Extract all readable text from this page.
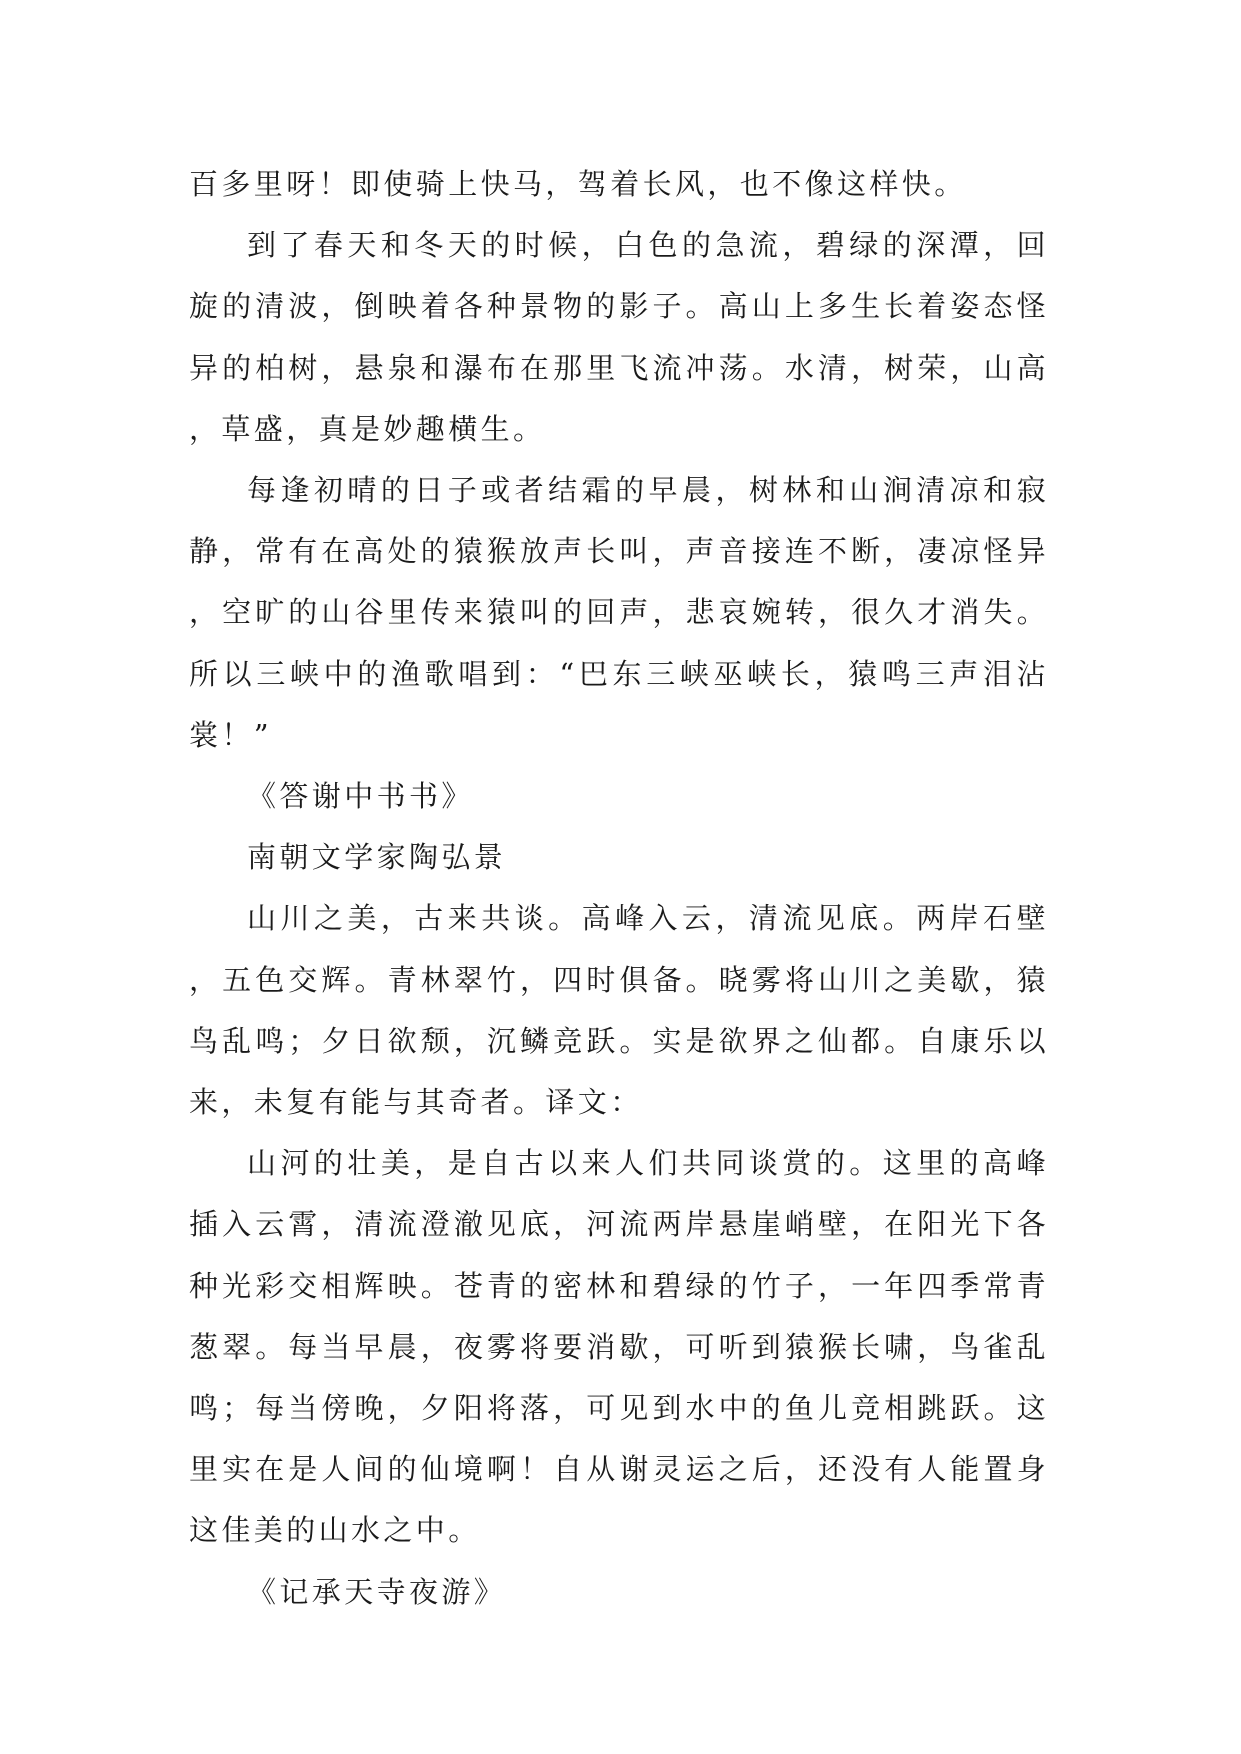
百多里呀！即使骑上快马，驾着长风，也不像这样快。

到了春天和冬天的时候，白色的急流，碧绿的深潭，回旋的清波，倒映着各种景物的影子。高山上多生长着姿态怪异的柏树，悬泉和瀑布在那里飞流冲荡。水清，树荣，山高，草盛，真是妙趣横生。

每逢初晴的日子或者结霜的早晨，树林和山涧清凉和寂静，常有在高处的猿猴放声长叫，声音接连不断，凄凉怪异，空旷的山谷里传来猿叫的回声，悲哀婉转，很久才消失。所以三峡中的渔歌唱到：“巴东三峡巫峡长，猿鸣三声泪沾裳！”

《答谢中书书》

南朝文学家陶弘景

山川之美，古来共谈。高峰入云，清流见底。两岸石壁，五色交辉。青林翠竹，四时俱备。晓雾将山川之美歇，猿鸟乱鸣；夕日欲颓，沉鳞竞跃。实是欲界之仙都。自康乐以来，未复有能与其奇者。译文：

山河的壮美，是自古以来人们共同谈赏的。这里的高峰插入云霄，清流澄澈见底，河流两岸悬崖峭壁，在阳光下各种光彩交相辉映。苍青的密林和碧绿的竹子，一年四季常青葱翠。每当早晨，夜雾将要消歇，可听到猿猴长啸，鸟雀乱鸣；每当傍晚，夕阳将落，可见到水中的鱼儿竞相跳跃。这里实在是人间的仙境啊！自从谢灵运之后，还没有人能置身这佳美的山水之中。

《记承天寺夜游》
